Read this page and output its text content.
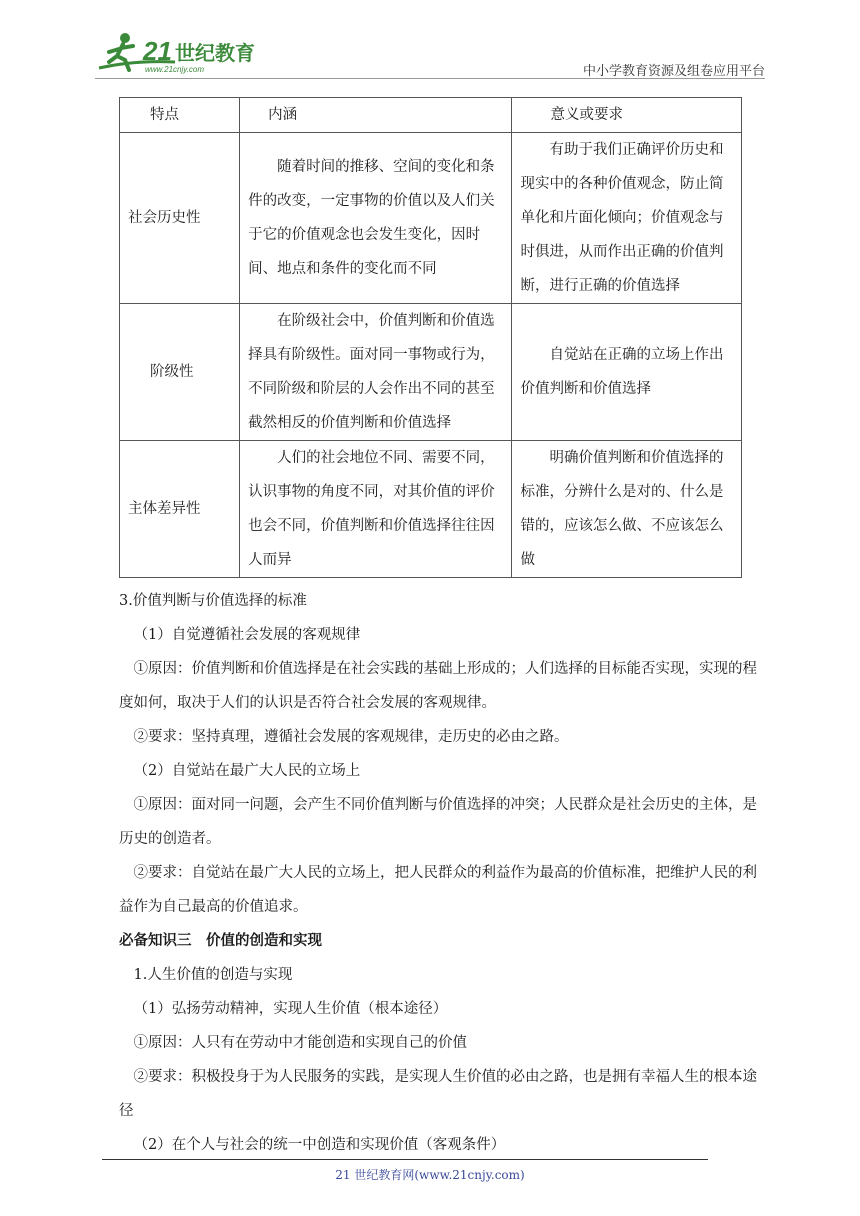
21 世纪教育
www.21cnjy.com	中小学教育资源及组卷应用平台
特点	内涵	意义或要求
社会历史性	随着时间的推移、空间的变化和条件的改变，一定事物的价值以及人们关于它的价值观念也会发生变化，因时间、地点和条件的变化而不同	有助于我们正确评价历史和现实中的各种价值观念，防止简单化和片面化倾向；价值观念与时俱进，从而作出正确的价值判断，进行正确的价值选择
阶级性	在阶级社会中，价值判断和价值选择具有阶级性。面对同一事物或行为，不同阶级和阶层的人会作出不同的甚至截然相反的价值判断和价值选择	自觉站在正确的立场上作出价值判断和价值选择
主体差异性	人们的社会地位不同、需要不同，认识事物的角度不同，对其价值的评价也会不同，价值判断和价值选择往往因人而异	明确价值判断和价值选择的标准，分辨什么是对的、什么是错的，应该怎么做、不应该怎么做

3.价值判断与价值选择的标准

（1）自觉遵循社会发展的客观规律

①原因：价值判断和价值选择是在社会实践的基础上形成的；人们选择的目标能否实现，实现的程度如何，取决于人们的认识是否符合社会发展的客观规律。

②要求：坚持真理，遵循社会发展的客观规律，走历史的必由之路。

（2）自觉站在最广大人民的立场上

①原因：面对同一问题，会产生不同价值判断与价值选择的冲突；人民群众是社会历史的主体，是历史的创造者。

②要求：自觉站在最广大人民的立场上，把人民群众的利益作为最高的价值标准，把维护人民的利益作为自己最高的价值追求。

必备知识三　价值的创造和实现

1.人生价值的创造与实现

（1）弘扬劳动精神，实现人生价值（根本途径）

①原因：人只有在劳动中才能创造和实现自己的价值

②要求：积极投身于为人民服务的实践，是实现人生价值的必由之路，也是拥有幸福人生的根本途径

（2）在个人与社会的统一中创造和实现价值（客观条件）

21 世纪教育网(www.21cnjy.com)
